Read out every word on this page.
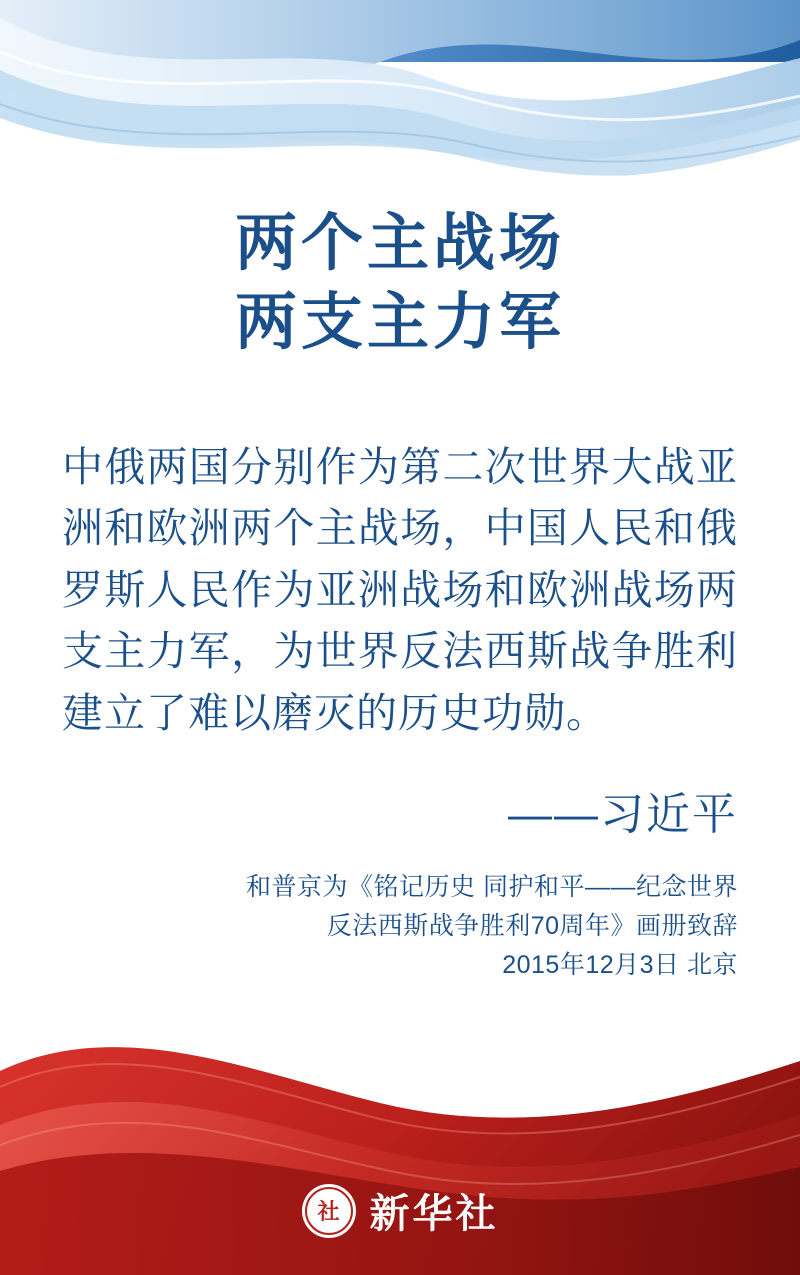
两个主战场
两支主力军
中俄两国分别作为第二次世界大战亚洲和欧洲两个主战场，中国人民和俄罗斯人民作为亚洲战场和欧洲战场两支主力军，为世界反法西斯战争胜利建立了难以磨灭的历史功勋。
——习近平
和普京为《铭记历史 同护和平——纪念世界
反法西斯战争胜利70周年》画册致辞
2015年12月3日 北京
社 新华社
